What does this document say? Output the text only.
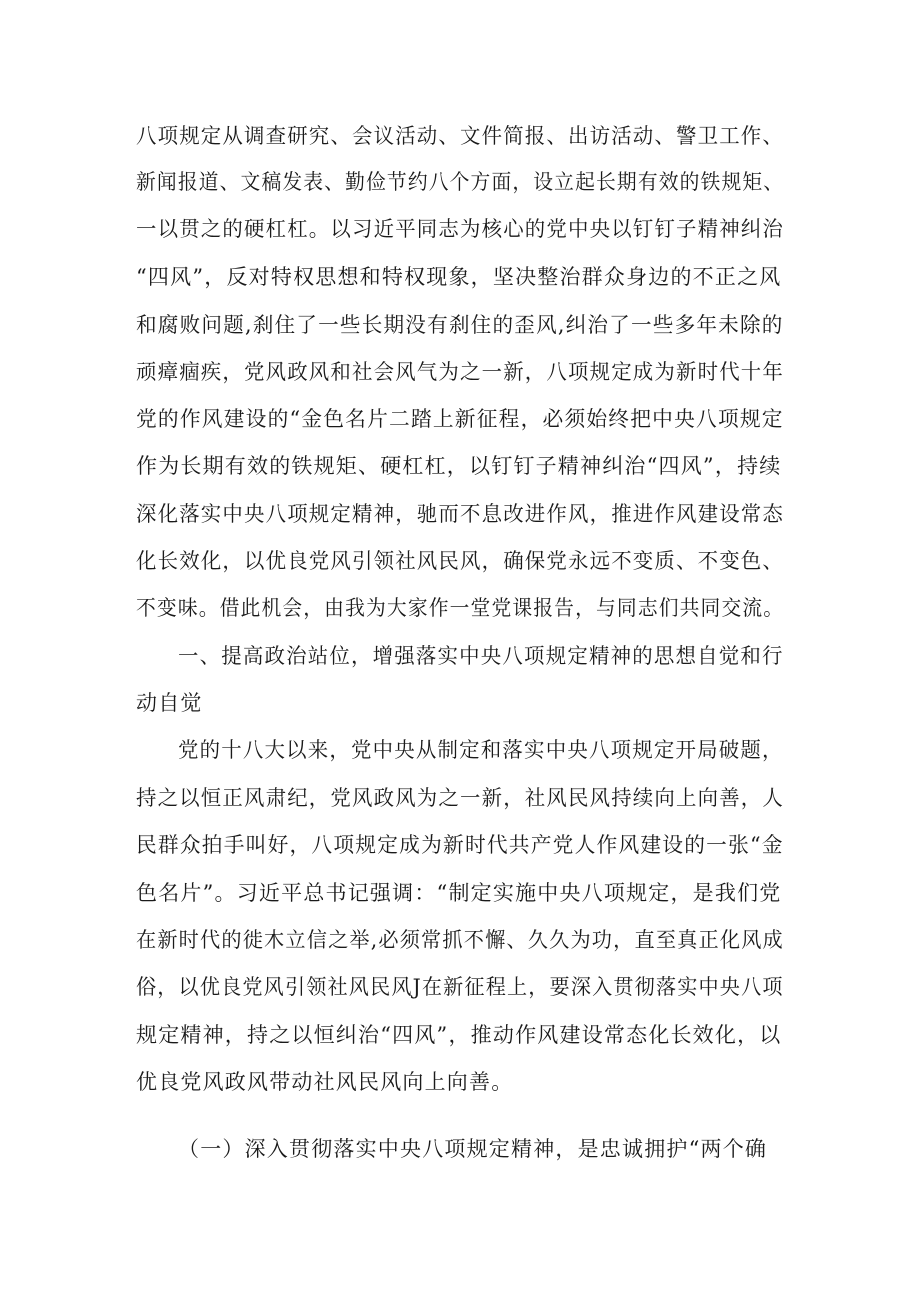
八项规定从调查研究、会议活动、文件简报、出访活动、警卫工作、
新闻报道、文稿发表、勤俭节约八个方面，设立起长期有效的铁规矩、
一以贯之的硬杠杠。以习近平同志为核心的党中央以钉钉子精神纠治
“四风”，反对特权思想和特权现象，坚决整治群众身边的不正之风
和腐败问题,刹住了一些长期没有刹住的歪风,纠治了一些多年未除的
顽瘴痼疾，党风政风和社会风气为之一新，八项规定成为新时代十年
党的作风建设的“金色名片二踏上新征程，必须始终把中央八项规定
作为长期有效的铁规矩、硬杠杠，以钉钉子精神纠治“四风”，持续
深化落实中央八项规定精神，驰而不息改进作风，推进作风建设常态
化长效化，以优良党风引领社风民风，确保党永远不变质、不变色、
不变味。借此机会，由我为大家作一堂党课报告，与同志们共同交流。
一、提高政治站位，增强落实中央八项规定精神的思想自觉和行
动自觉
党的十八大以来，党中央从制定和落实中央八项规定开局破题，
持之以恒正风肃纪，党风政风为之一新，社风民风持续向上向善，人
民群众拍手叫好，八项规定成为新时代共产党人作风建设的一张“金
色名片”。习近平总书记强调：“制定实施中央八项规定，是我们党
在新时代的徙木立信之举,必须常抓不懈、久久为功，直至真正化风成
俗，以优良党风引领社风民风J在新征程上，要深入贯彻落实中央八项
规定精神，持之以恒纠治“四风”，推动作风建设常态化长效化，以
优良党风政风带动社风民风向上向善。
（一）深入贯彻落实中央八项规定精神，是忠诚拥护“两个确
